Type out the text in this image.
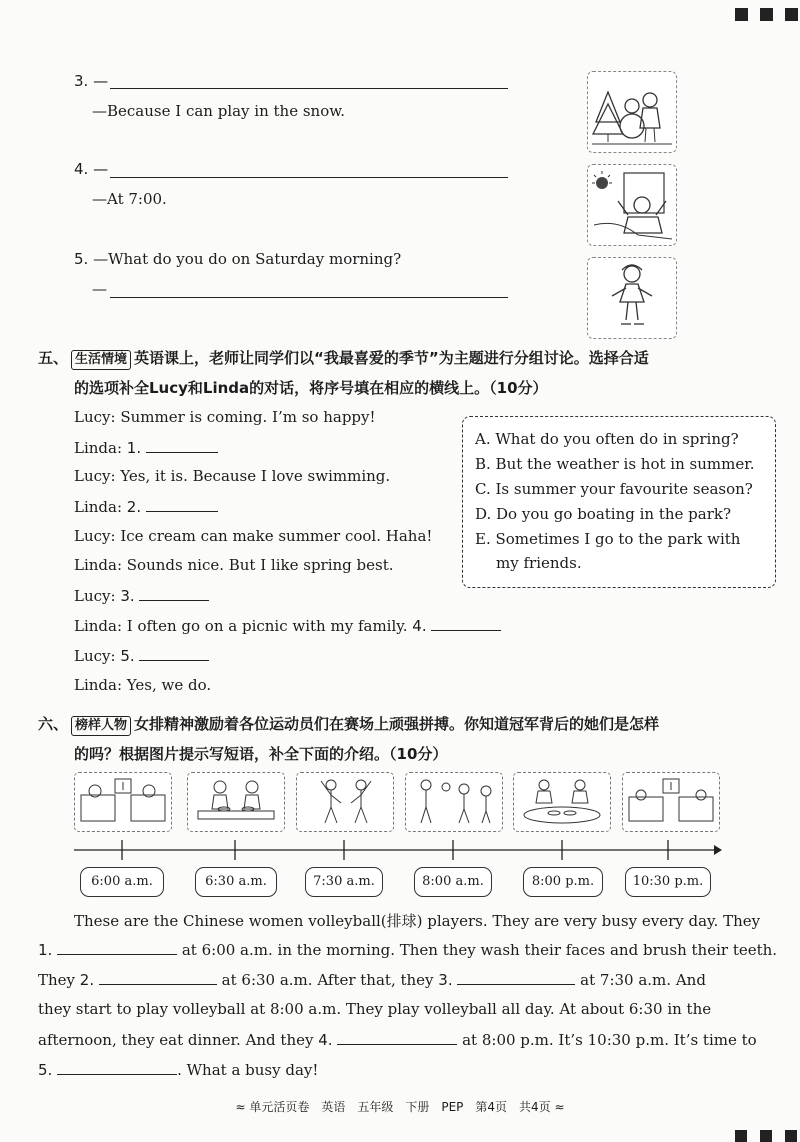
3. —
—Because I can play in the snow.
4. —
—At 7:00.
5. —What do you do on Saturday morning?
—
五、 生活情境 英语课上，老师让同学们以“我最喜爱的季节”为主题进行分组讨论。选择合适
的选项补全Lucy和Linda的对话，将序号填在相应的横线上。（10分）
Lucy: Summer is coming. I’m so happy!
Linda: 1.
Lucy: Yes, it is. Because I love swimming.
Linda: 2.
Lucy: Ice cream can make summer cool. Haha!
Linda: Sounds nice. But I like spring best.
Lucy: 3.
Linda: I often go on a picnic with my family. 4.
Lucy: 5.
Linda: Yes, we do.
A. What do you often do in spring?
B. But the weather is hot in summer.
C. Is summer your favourite season?
D. Do you go boating in the park?
E. Sometimes I go to the park with
my friends.
六、 榜样人物 女排精神激励着各位运动员们在赛场上顽强拼搏。你知道冠军背后的她们是怎样
的吗？根据图片提示写短语，补全下面的介绍。（10分）
6:00 a.m.	6:30 a.m.	7:30 a.m.	8:00 a.m.	8:00 p.m.	10:30 p.m.
These are the Chinese women volleyball(排球) players. They are very busy every day. They
1.	at 6:00 a.m. in the morning. Then they wash their faces and brush their teeth.
They 2.	at 6:30 a.m. After that, they 3.	at 7:30 a.m. And
they start to play volleyball at 8:00 a.m. They play volleyball all day. At about 6:30 in the
afternoon, they eat dinner. And they 4.	at 8:00 p.m. It’s 10:30 p.m. It’s time to
5.	. What a busy day!
≈ 单元活页卷　英语　五年级　下册　PEP　第4页　共4页 ≈
